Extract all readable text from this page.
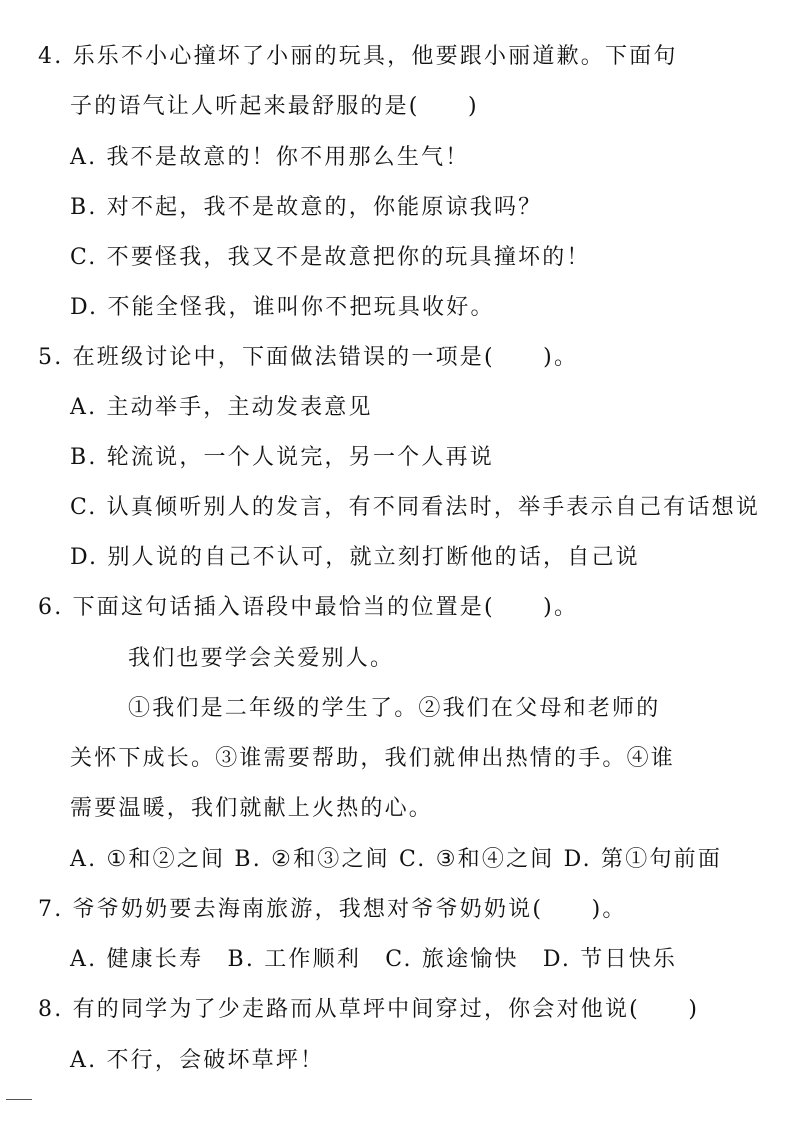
4. 乐乐不小心撞坏了小丽的玩具，他要跟小丽道歉。下面句
子的语气让人听起来最舒服的是(　　)
A. 我不是故意的！你不用那么生气！
B. 对不起，我不是故意的，你能原谅我吗？
C. 不要怪我，我又不是故意把你的玩具撞坏的！
D. 不能全怪我，谁叫你不把玩具收好。
5. 在班级讨论中，下面做法错误的一项是(　　)。
A. 主动举手，主动发表意见
B. 轮流说，一个人说完，另一个人再说
C. 认真倾听别人的发言，有不同看法时，举手表示自己有话想说
D. 别人说的自己不认可，就立刻打断他的话，自己说
6. 下面这句话插入语段中最恰当的位置是(　　)。
我们也要学会关爱别人。
①我们是二年级的学生了。②我们在父母和老师的
关怀下成长。③谁需要帮助，我们就伸出热情的手。④谁
需要温暖，我们就献上火热的心。
A. ①和②之间 B. ②和③之间 C. ③和④之间 D. 第①句前面
7. 爷爷奶奶要去海南旅游，我想对爷爷奶奶说(　　)。
A. 健康长寿　B. 工作顺利　C. 旅途愉快　D. 节日快乐
8. 有的同学为了少走路而从草坪中间穿过，你会对他说(　　)
A. 不行，会破坏草坪！
